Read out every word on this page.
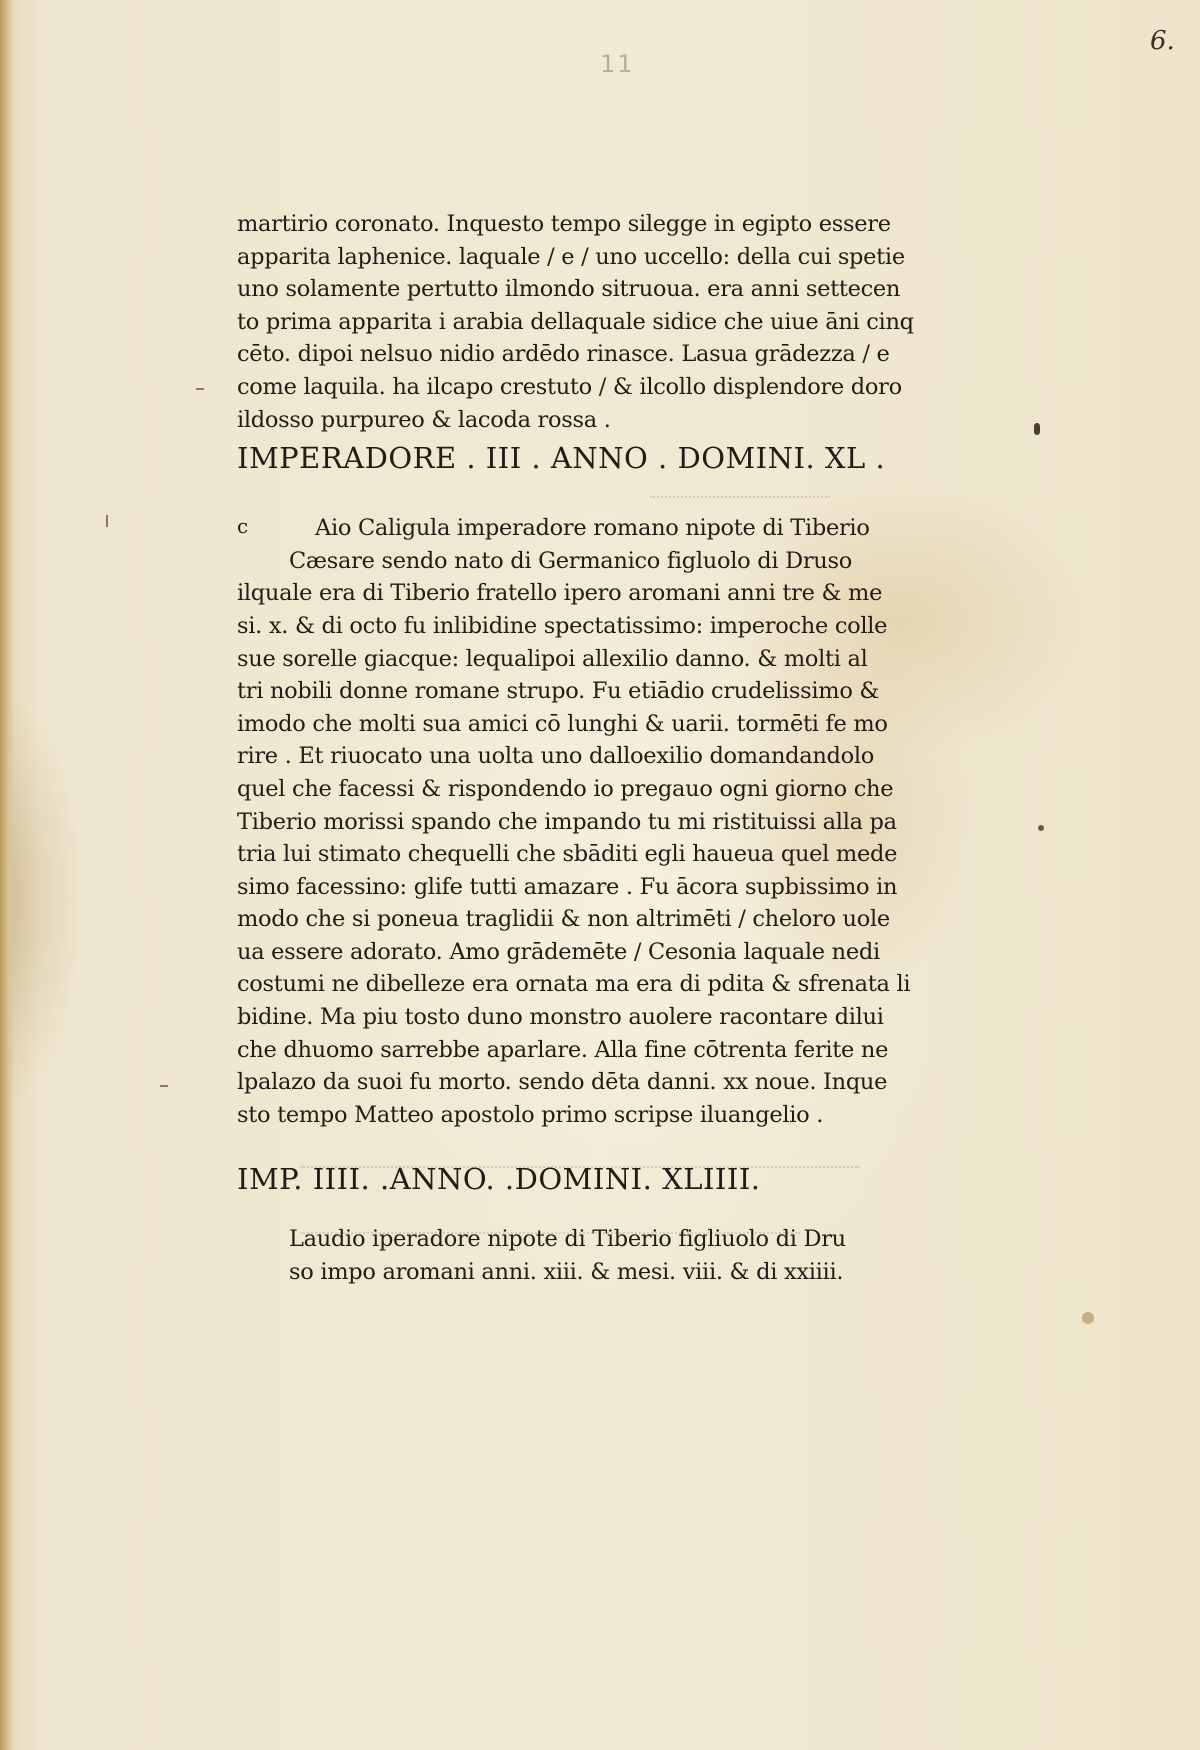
6.
11
martirio coronato. Inquesto tempo silegge in egipto essere
apparita laphenice. laquale / e / uno uccello: della cui spetie
uno solamente pertutto ilmondo sitruoua. era anni settecen
to prima apparita i arabia dellaquale sidice che uiue āni cinq
cēto. dipoi nelsuo nidio ardēdo rinasce. Lasua grādezza / e
come laquila. ha ilcapo crestuto / & ilcollo displendore doro
ildosso purpureo & lacoda rossa .
IMPERADORE . III . ANNO . DOMINI. XL .
c	Aio Caligula imperadore romano nipote di Tiberio
Cæsare sendo nato di Germanico figluolo di Druso
ilquale era di Tiberio fratello ipero aromani anni tre & me
si. x. & di octo fu inlibidine spectatissimo: imperoche colle
sue sorelle giacque: lequalipoi allexilio danno. & molti al
tri nobili donne romane strupo. Fu etiādio crudelissimo &
imodo che molti sua amici cō lunghi & uarii. tormēti fe mo
rire . Et riuocato una uolta uno dalloexilio domandandolo
quel che facessi & rispondendo io pregauo ogni giorno che
Tiberio morissi spando che impando tu mi ristituissi alla pa
tria lui stimato chequelli che sbāditi egli haueua quel mede
simo facessino: glife tutti amazare . Fu ācora supbissimo in
modo che si poneua traglidii & non altrimēti / cheloro uole
ua essere adorato. Amo grādemēte / Cesonia laquale nedi
costumi ne dibelleze era ornata ma era di pdita & sfrenata li
bidine. Ma piu tosto duno monstro auolere racontare dilui
che dhuomo sarrebbe aparlare. Alla fine cōtrenta ferite ne
lpalazo da suoi fu morto. sendo dēta danni. xx noue. Inque
sto tempo Matteo apostolo primo scripse iluangelio .
IMP. IIII. .ANNO. .DOMINI. XLIIII.
Laudio iperadore nipote di Tiberio figliuolo di Dru
so impo aromani anni. xiii. & mesi. viii. & di xxiiii.
